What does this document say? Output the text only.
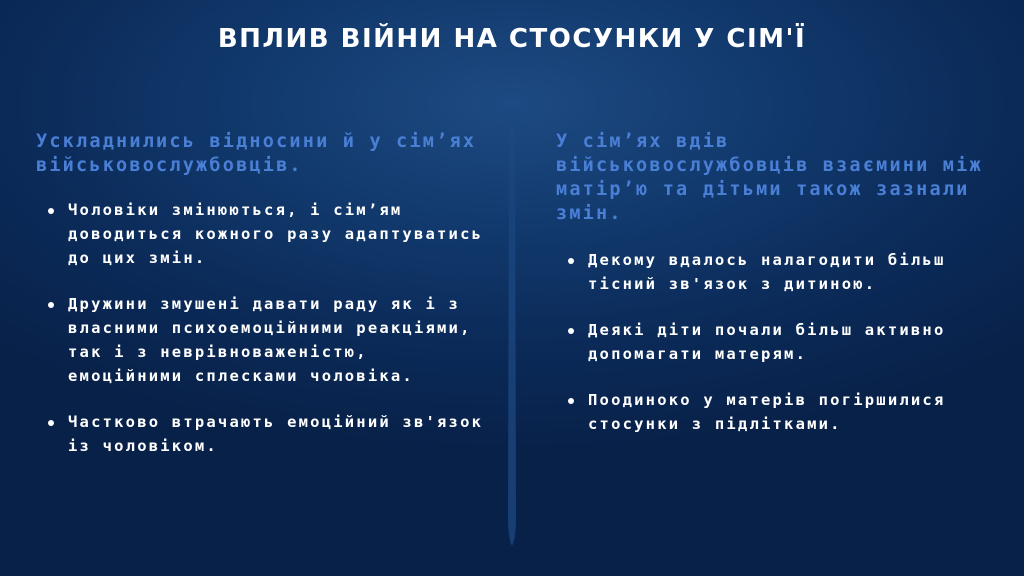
ВПЛИВ ВІЙНИ НА СТОСУНКИ У СІМ'Ї

Ускладнились відносини й у сім’ях військовослужбовців.

Чоловіки змінюються, і сім’ям доводиться кожного разу адаптуватись до цих змін.
Дружини змушені давати раду як і з власними психоемоційними реакціями, так і з неврівноваженістю, емоційними сплесками чоловіка.
Частково втрачають емоційний зв'язок із чоловіком.

У сім’ях вдів військовослужбовців взаємини між матір’ю та дітьми також зазнали змін.

Декому вдалось налагодити більш тісний зв'язок з дитиною.
Деякі діти почали більш активно допомагати матерям.
Поодиноко у матерів погіршилися стосунки з підлітками.
